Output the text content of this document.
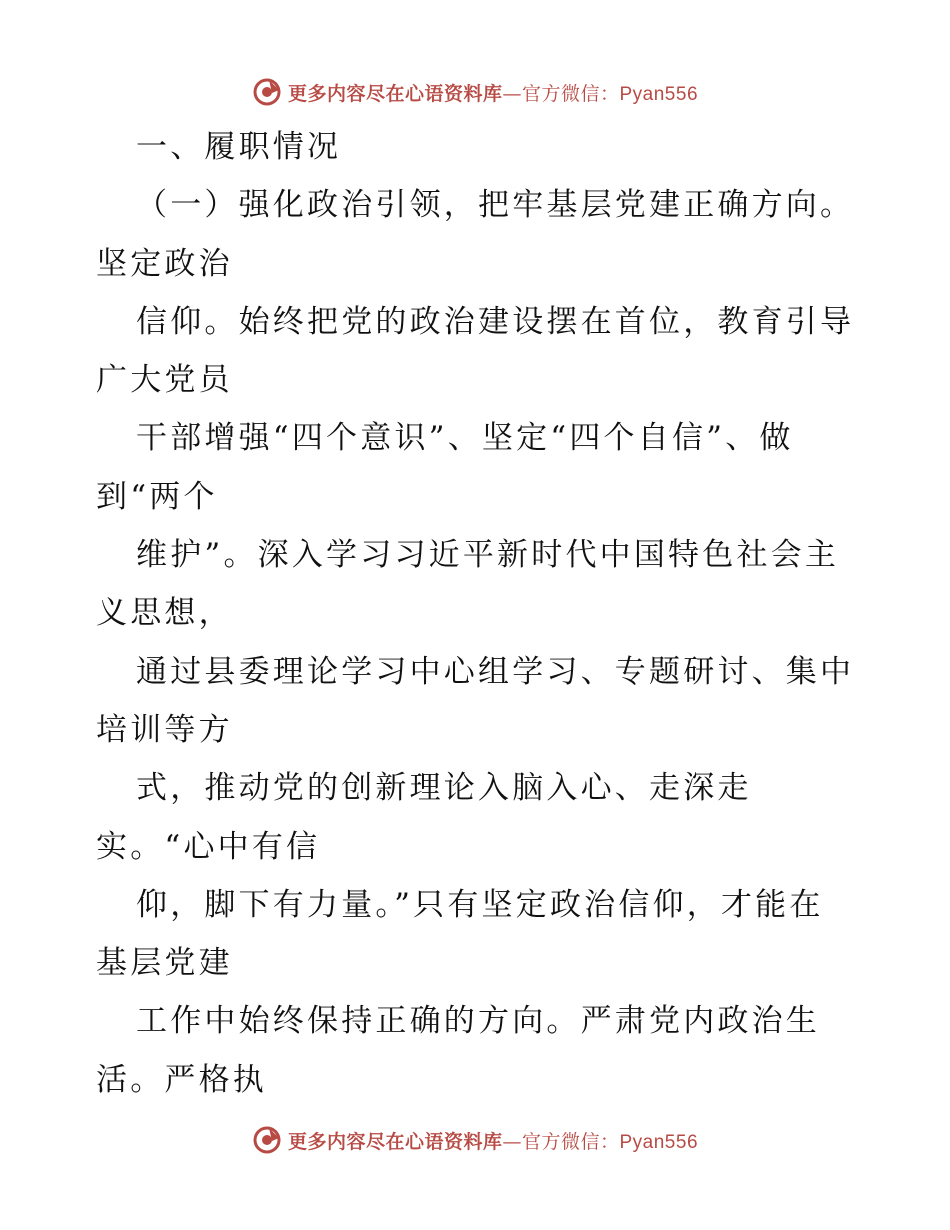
更多内容尽在心语资料库—官方微信：Pyan556
一、履职情况
（一）强化政治引领，把牢基层党建正确方向。
坚定政治
信仰。始终把党的政治建设摆在首位，教育引导
广大党员
干部增强“四个意识”、坚定“四个自信”、做
到“两个
维护”。深入学习习近平新时代中国特色社会主
义思想，
通过县委理论学习中心组学习、专题研讨、集中
培训等方
式，推动党的创新理论入脑入心、走深走
实。“心中有信
仰，脚下有力量。”只有坚定政治信仰，才能在
基层党建
工作中始终保持正确的方向。严肃党内政治生
活。严格执
更多内容尽在心语资料库—官方微信：Pyan556
